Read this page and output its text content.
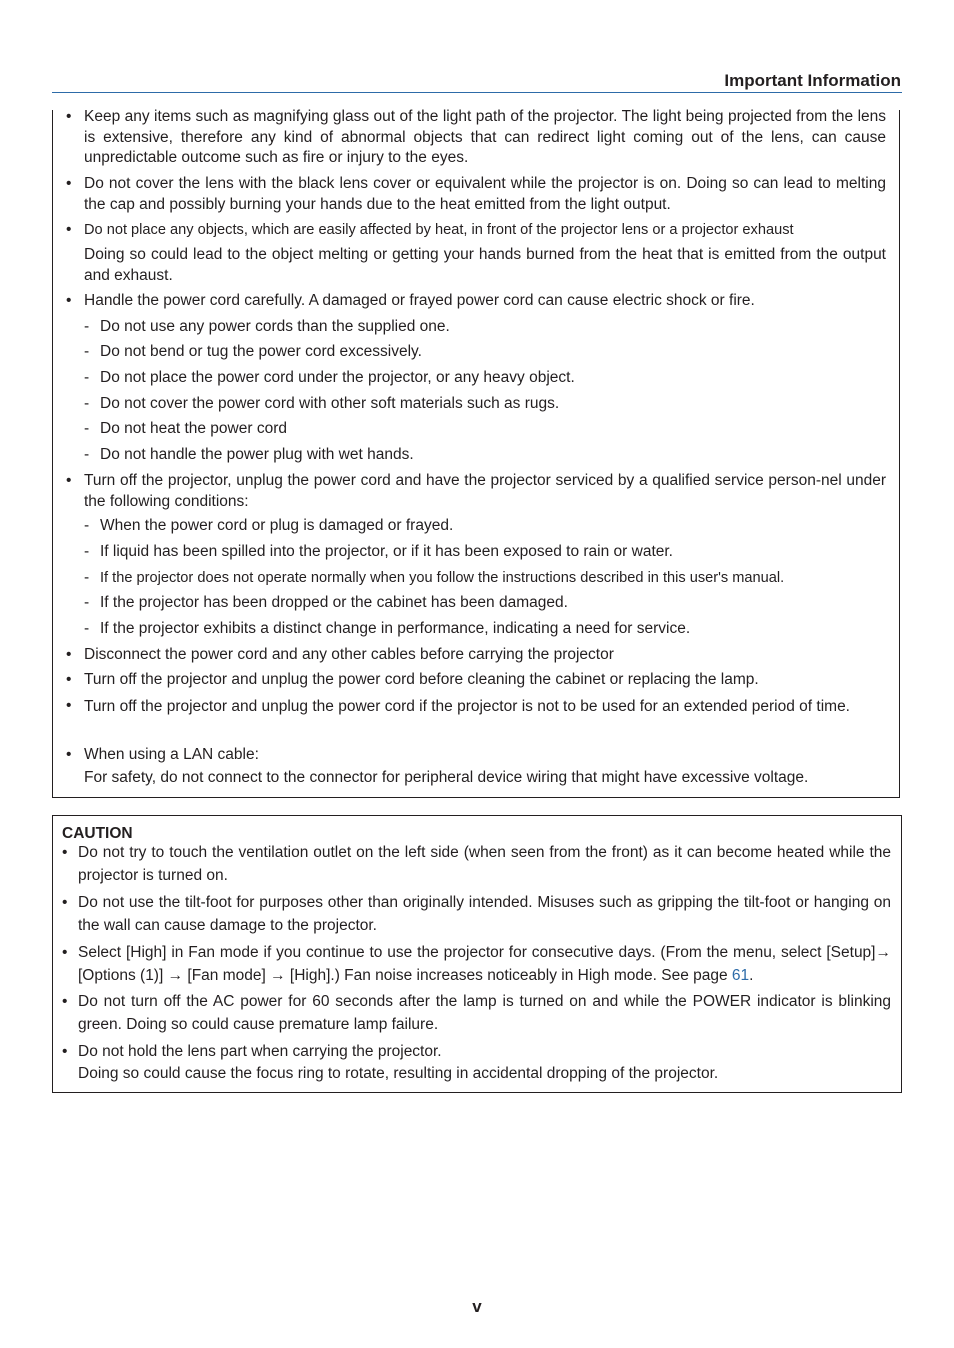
Important Information
• Keep any items such as magnifying glass out of the light path of the projector. The light being projected from the lens is extensive, therefore any kind of abnormal objects that can redirect light coming out of the lens, can cause unpredictable outcome such as fire or injury to the eyes.
• Do not cover the lens with the black lens cover or equivalent while the projector is on. Doing so can lead to melting the cap and possibly burning your hands due to the heat emitted from the light output.
• Do not place any objects, which are easily affected by heat, in front of the projector lens or a projector exhaust
Doing so could lead to the object melting or getting your hands burned from the heat that is emitted from the output and exhaust.
• Handle the power cord carefully. A damaged or frayed power cord can cause electric shock or fire.
- Do not use any power cords than the supplied one.
- Do not bend or tug the power cord excessively.
- Do not place the power cord under the projector, or any heavy object.
- Do not cover the power cord with other soft materials such as rugs.
- Do not heat the power cord
- Do not handle the power plug with wet hands.
• Turn off the projector, unplug the power cord and have the projector serviced by a qualified service person-nel under the following conditions:
- When the power cord or plug is damaged or frayed.
- If liquid has been spilled into the projector, or if it has been exposed to rain or water.
- If the projector does not operate normally when you follow the instructions described in this user's manual.
- If the projector has been dropped or the cabinet has been damaged.
- If the projector exhibits a distinct change in performance, indicating a need for service.
• Disconnect the power cord and any other cables before carrying the projector
• Turn off the projector and unplug the power cord before cleaning the cabinet or replacing the lamp.
• Turn off the projector and unplug the power cord if the projector is not to be used for an extended period of time.
• When using a LAN cable:
For safety, do not connect to the connector for peripheral device wiring that might have excessive voltage.
CAUTION
• Do not try to touch the ventilation outlet on the left side (when seen from the front) as it can become heated while the projector is turned on.
• Do not use the tilt-foot for purposes other than originally intended. Misuses such as gripping the tilt-foot or hanging on the wall can cause damage to the projector.
• Select [High] in Fan mode if you continue to use the projector for consecutive days. (From the menu, select [Setup]→ [Options (1)] → [Fan mode] → [High].) Fan noise increases noticeably in High mode. See page 61.
• Do not turn off the AC power for 60 seconds after the lamp is turned on and while the POWER indicator is blinking green. Doing so could cause premature lamp failure.
• Do not hold the lens part when carrying the projector.
Doing so could cause the focus ring to rotate, resulting in accidental dropping of the projector.
v
